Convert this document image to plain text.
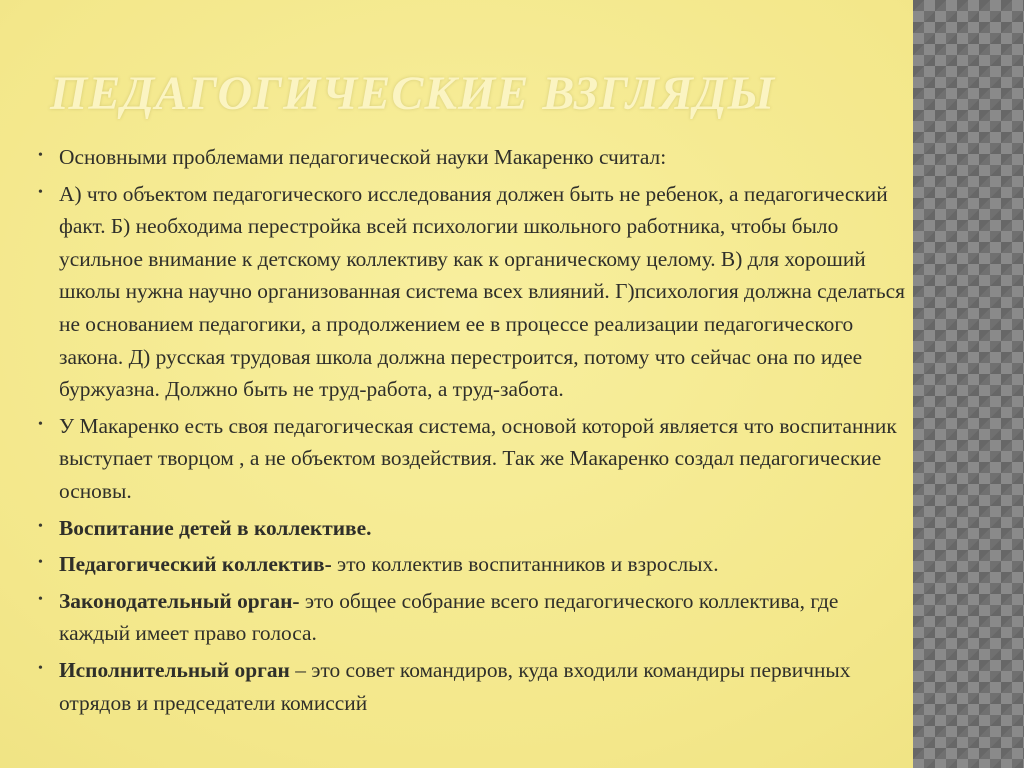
ПЕДАГОГИЧЕСКИЕ ВЗГЛЯДЫ
• Основными проблемами педагогической науки Макаренко считал:
• А) что объектом педагогического исследования должен быть не ребенок, а педагогический факт. Б) необходима перестройка всей психологии школьного работника, чтобы было усильное внимание к детскому коллективу как к органическому целому. В) для хороший школы нужна научно организованная система всех влияний. Г)психология должна сделаться не основанием педагогики, а продолжением ее в процессе реализации педагогического закона. Д) русская трудовая школа должна перестроится, потому что сейчас она по идее буржуазна. Должно быть не труд-работа, а труд-забота.
• У Макаренко есть своя педагогическая система, основой которой является что воспитанник выступает творцом , а не объектом воздействия. Так же Макаренко создал педагогические основы.
• Воспитание детей в коллективе.
• Педагогический коллектив- это коллектив воспитанников и взрослых.
• Законодательный орган- это общее собрание всего педагогического коллектива, где каждый имеет право голоса.
• Исполнительный орган – это совет командиров, куда входили командиры первичных отрядов и председатели комиссий
